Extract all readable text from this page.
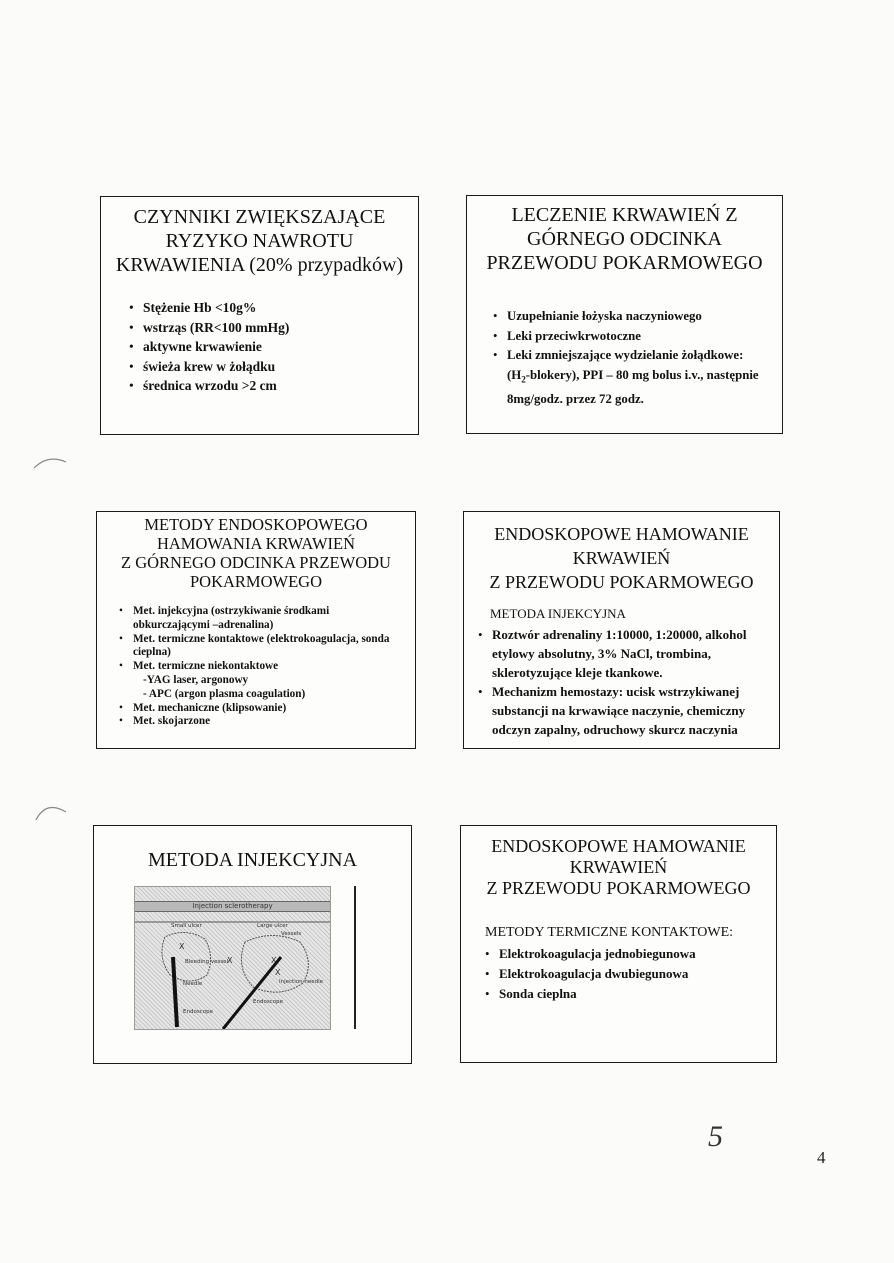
CZYNNIKI ZWIĘKSZAJĄCE
RYZYKO NAWROTU
KRWAWIENIA (20% przypadków)
• Stężenie Hb <10g%
• wstrząs (RR<100 mmHg)
• aktywne krwawienie
• świeża krew w żołądku
• średnica wrzodu >2 cm
LECZENIE KRWAWIEŃ Z
GÓRNEGO ODCINKA
PRZEWODU POKARMOWEGO
• Uzupełnianie łożyska naczyniowego
• Leki przeciwkrwotoczne
• Leki zmniejszające wydzielanie żołądkowe: $(H_2-blokery)$, PPI – 80 mg bolus i.v., następnie 8mg/godz. przez 72 godz.
METODY ENDOSKOPOWEGO
HAMOWANIA KRWAWIEŃ
Z GÓRNEGO ODCINKA PRZEWODU
POKARMOWEGO
• Met. injekcyjna (ostrzykiwanie środkami obkurczającymi –adrenalina)
• Met. termiczne kontaktowe (elektrokoagulacja, sonda cieplna)
• Met. termiczne niekontaktowe
-YAG laser, argonowy
- APC (argon plasma coagulation)
• Met. mechaniczne (klipsowanie)
• Met. skojarzone
ENDOSKOPOWE HAMOWANIE
KRWAWIEŃ
Z PRZEWODU POKARMOWEGO
METODA INJEKCYJNA
• Roztwór adrenaliny 1:10000, 1:20000, alkohol etylowy absolutny, 3% NaCl, trombina, sklerotyzujące kleje tkankowe.
• Mechanizm hemostazy: ucisk wstrzykiwanej substancji na krwawiące naczynie, chemiczny odczyn zapalny, odruchowy skurcz naczynia
METODA INJEKCYJNA
Injection sclerotherapy
X
X	X
X
Small ulcer	Large ulcer
Vessels
Bleeding vessel
Injection needle
Needle
Endoscope
Endoscope
ENDOSKOPOWE HAMOWANIE
KRWAWIEŃ
Z PRZEWODU POKARMOWEGO
METODY TERMICZNE KONTAKTOWE:
• Elektrokoagulacja jednobiegunowa
• Elektrokoagulacja dwubiegunowa
• Sonda cieplna
5
4
